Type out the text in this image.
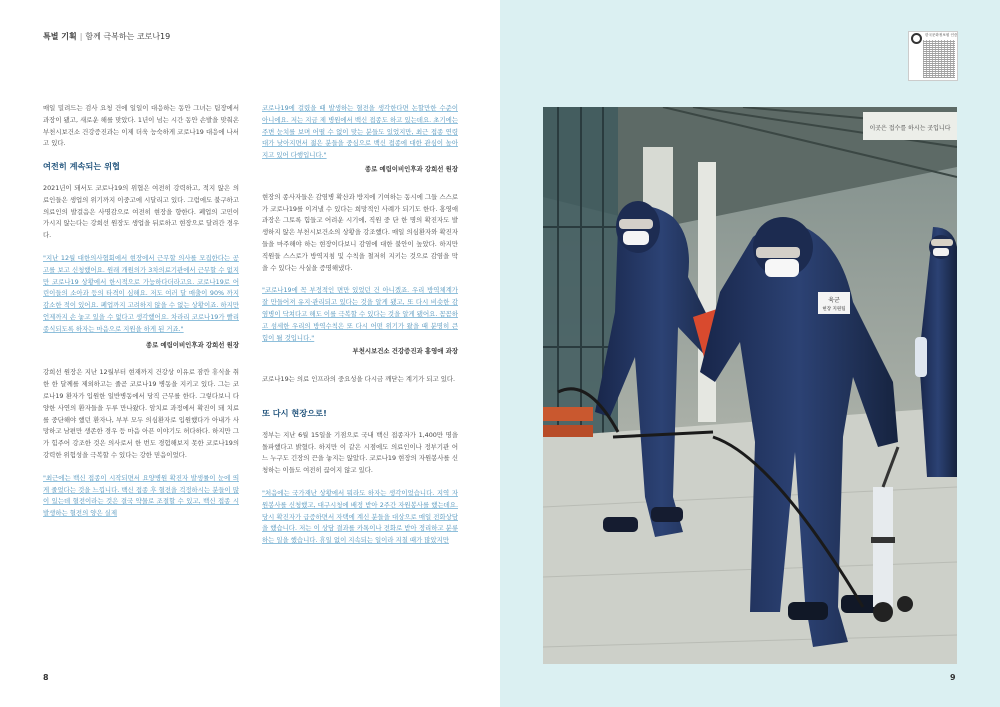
특별 기획 | 함께 극복하는 코로나19

매일 밀려드는 검사 요청 건에 일일이 대응하는 동안 그녀는 팀장에서 과장이 됐고, 새로운 해를 맞았다. 1년이 넘는 시간 동안 손발을 맞춰온 부천시보건소 건강증진과는 이제 더욱 능숙하게 코로나19 대응에 나서고 있다.

여전히 계속되는 위협

2021년이 돼서도 코로나19의 위협은 여전히 강력하고, 적지 않은 의료인들은 생업의 위기까지 이중고에 시달리고 있다. 그럼에도 불구하고 의료인의 발걸음은 사명감으로 여전히 현장을 향한다. 폐업의 고민이 가시지 않는다는 강희선 원장도 생업을 뒤로하고 현장으로 달려간 경우다.

"지난 12월 대한의사협회에서 현장에서 근무할 의사를 모집한다는 공고를 보고 신청했어요. 원래 개원의가 3차의료기관에서 근무할 수 없지만 코로나19 상황에서 한시적으로 가능하다더라고요. 코로나19로 어린이들의 소아과 등의 타격이 심해요. 저도 여러 달 매출이 90% 까지 감소한 적이 있어요. 폐업까지 고려하지 않을 수 없는 상황이죠. 하지만 언제까지 손 놓고 있을 수 없다고 생각했어요. 차라리 코로나19가 빨리 종식되도록 하자는 마음으로 지원을 하게 된 거죠."

종로 예림이비인후과 강희선 원장

강희선 원장은 지난 12월부터 현재까지 건강상 이유로 잠깐 휴식을 취한 한 달께를 제외하고는 줄곧 코로나19 병동을 지키고 있다. 그는 코로나19 환자가 입원한 일반병동에서 당직 근무를 한다. 그렇다보니 다양한 사연의 환자들을 두루 만나왔다. 암치료 과정에서 확진이 돼 치료를 중단해야 했던 환자나, 부부 모두 의심환자로 입원했다가 아내가 사망하고 남편만 생존한 경우 등 마음 아픈 이야기도 허다하다. 하지만 그가 힘주어 강조한 것은 의사로서 한 번도 경험해보지 못한 코로나19의 강력한 위험성을 극복할 수 있다는 강한 믿음이었다.

"최근에는 백신 접종이 시작되면서 요양병원 확진자 발생률이 눈에 띄게 줄었다는 것을 느낍니다. 백신 접종 후 혈전을 걱정하시는 분들이 많이 있는데 혈전이라는 것은 결국 약물로 조절할 수 있고, 백신 접종 시 발생하는 혈전의 양은 실제

코로나19에 걸렸을 때 발생하는 혈전을 생각한다면 논할만한 수준이 아니에요. 저는 지금 제 병원에서 백신 접종도 하고 있는데요. 초기에는 주변 눈치를 보며 어떨 수 없이 맞는 분들도 있었지만, 최근 접종 연령대가 낮아지면서 젊은 분들을 중심으로 백신 접종에 대한 관심이 높아지고 있어 다행입니다."

종로 예림이비인후과 강희선 원장

현장의 종사자들은 감염병 확산과 방지에 기여하는 동시에 그들 스스로가 코로나19를 이겨낼 수 있다는 희망적인 사례가 되기도 한다. 홍영애 과장은 그토록 힘들고 어려운 시기에, 직원 중 단 한 명의 확진자도 발생하지 않은 부천시보건소의 상황을 강조했다. 매일 의심환자와 확진자들을 마주해야 하는 현장이다보니 감염에 대한 불안이 높았다. 하지만 직원들 스스로가 방역지침 및 수칙을 철저히 지키는 것으로 감염을 막을 수 있다는 사실을 증명해냈다.

"코로나19에 꼭 부정적인 면만 있었던 건 아니겠죠. 우리 방역체계가 잘 만들어져 유지·관리되고 있다는 것을 알게 됐고, 또 다시 비슷한 감염병이 닥쳐다고 해도 이를 극복할 수 있다는 것을 알게 됐어요. 꼼꼼하고 섬세한 우리의 방역수칙은 또 다시 어떤 위기가 왔을 때 분명히 큰 힘이 될 것입니다."

부천시보건소 건강증진과 홍영애 과장

코로나19는 의료 인프라의 중요성을 다시금 깨닫는 계기가 되고 있다.

또 다시 현장으로!

정부는 지난 6월 15일을 기점으로 국내 백신 접종자가 1,400만 명을 돌파했다고 밝혔다. 하지만 이 같은 시점에도 의료인이나 정부기관 어느 누구도 긴장의 끈을 놓지는 않았다. 코로나19 현장의 자원봉사를 신청하는 이들도 여전히 끊이지 않고 있다.

"처음에는 국가재난 상황에서 뭐라도 하자는 생각이었습니다. 지역 자원봉사를 신청했고, 대구시청에 배정 받아 2주간 자원봉사를 했는데요. 당시 확진자가 급증하면서 자택에 계신 분들을 대상으로 매일 전화상담을 했습니다. 저는 이 상담 결과를 카톡이나 전화로 받아 정리하고 분류하는 일을 했습니다. 휴일 없이 지속되는 일이라 지칠 때가 많았지만

8
한국문화정보원 인증
이곳은 접수를 하시는 곳입니다
육군
현장 지원팀
9
